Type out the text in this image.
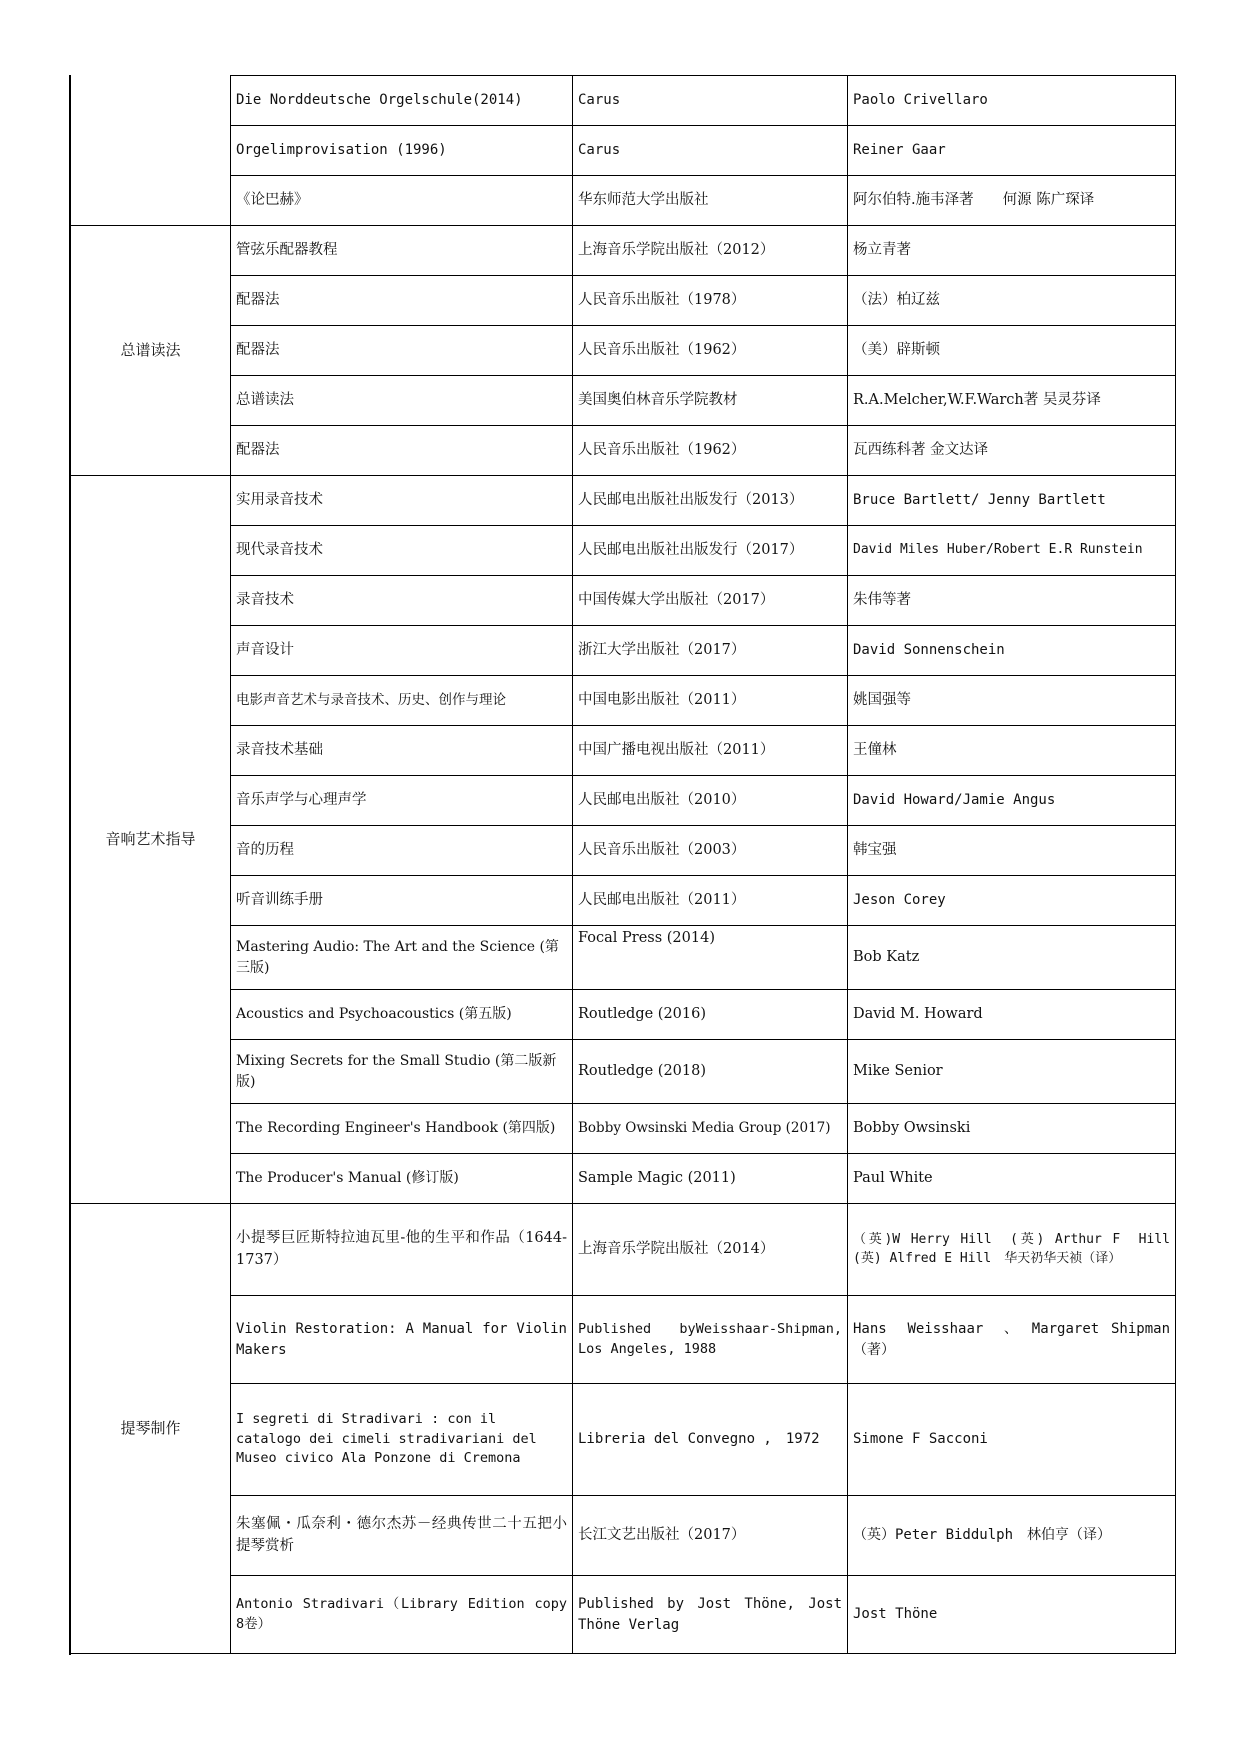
	Die Norddeutsche Orgelschule(2014)	Carus	Paolo Crivellaro
	Orgelimprovisation (1996)	Carus	Reiner Gaar
	《论巴赫》	华东师范大学出版社	阿尔伯特.施韦泽著　　何源 陈广琛译
总谱读法	管弦乐配器教程	上海音乐学院出版社（2012）	杨立青著
	配器法	人民音乐出版社（1978）	（法）柏辽兹
	配器法	人民音乐出版社（1962）	（美）辟斯顿
	总谱读法	美国奥伯林音乐学院教材	R.A.Melcher,W.F.Warch著 吴灵芬译
	配器法	人民音乐出版社（1962）	瓦西练科著 金文达译
音响艺术指导	实用录音技术	人民邮电出版社出版发行（2013）	Bruce Bartlett/ Jenny Bartlett
	现代录音技术	人民邮电出版社出版发行（2017）	David Miles Huber/Robert E.R Runstein
	录音技术	中国传媒大学出版社（2017）	朱伟等著
	声音设计	浙江大学出版社（2017）	David Sonnenschein
	电影声音艺术与录音技术、历史、创作与理论	中国电影出版社（2011）	姚国强等
	录音技术基础	中国广播电视出版社（2011）	王僮林
	音乐声学与心理声学	人民邮电出版社（2010）	David Howard/Jamie Angus
	音的历程	人民音乐出版社（2003）	韩宝强
	听音训练手册	人民邮电出版社（2011）	Jeson Corey
	Mastering Audio: The Art and the Science (第三版)	Focal Press (2014)	Bob Katz
	Acoustics and Psychoacoustics (第五版)	Routledge (2016)	David M. Howard
	Mixing Secrets for the Small Studio (第二版新版)	Routledge (2018)	Mike Senior
	The Recording Engineer's Handbook (第四版)	Bobby Owsinski Media Group (2017)	Bobby Owsinski
	The Producer's Manual (修订版)	Sample Magic (2011)	Paul White
提琴制作	小提琴巨匠斯特拉迪瓦里-他的生平和作品（1644-1737）	上海音乐学院出版社（2014）	（英)W Herry Hill　(英) Arthur F　Hill　(英) Alfred E Hill　华天礽华天祯（译）
	Violin Restoration: A Manual for Violin Makers	Published byWeisshaar-Shipman, Los Angeles, 1988	Hans　Weisshaar　、　Margaret Shipman （著）
	I segreti di Stradivari : con il catalogo dei cimeli stradivariani del Museo civico Ala Ponzone di Cremona	Libreria del Convegno ,　1972	Simone F Sacconi
	朱塞佩・瓜奈利・德尔杰苏－经典传世二十五把小提琴赏析	长江文艺出版社（2017）	（英）Peter Biddulph　林伯亨（译）
	Antonio Stradivari（Library Edition copy 8卷）	Published by Jost Thöne, Jost Thöne Verlag	Jost Thöne
